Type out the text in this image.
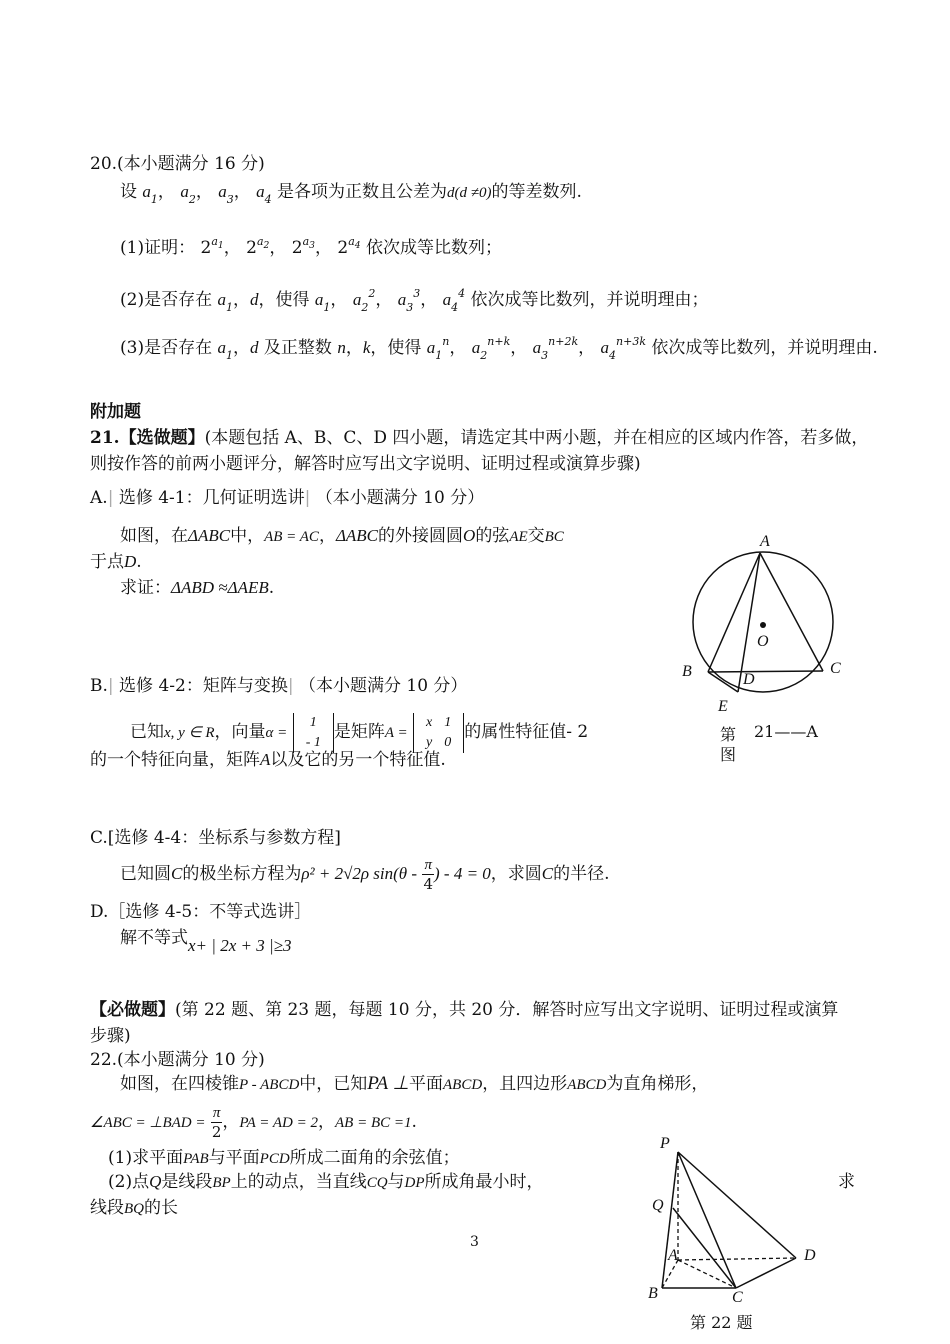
20.(本小题满分 16 分)
设 $a_1$， $a_2$， $a_3$， $a_4$ 是各项为正数且公差为d(d ≠0)的等差数列.
(1)证明： $2^{a_1}$， $2^{a_2}$， $2^{a_3}$， $2^{a_4}$ 依次成等比数列；
(2)是否存在 $a_1$，d，使得 $a_1$， $a_2^2$， $a_3^3$， $a_4^4$ 依次成等比数列，并说明理由；
(3)是否存在 $a_1$，d 及正整数 n，k，使得 $a_1^n$， $a_2^{n+k}$， $a_3^{n+2k}$， $a_4^{n+3k}$ 依次成等比数列，并说明理由.
附加题
21.【选做题】(本题包括 A、B、C、D 四小题，请选定其中两小题，并在相应的区域内作答，若多做，
则按作答的前两小题评分，解答时应写出文字说明、证明过程或演算步骤)
A.| 选修 4-1：几何证明选讲| （本小题满分 10 分）
如图，在ΔABC中，AB = AC，ΔABC的外接圆圆O的弦AE交BC
于点D.
求证：ΔABD ≈ΔAEB.
A
O
B	C
D
E
第 21——A
图
B.| 选修 4-2：矩阵与变换| （本小题满分 10 分）
已知x, y ∈ R，向量α =
1
- 1 是矩阵A =
x	1
y	0 的属性特征值- 2
的一个特征向量，矩阵A以及它的另一个特征值.
C.[选修 4-4：坐标系与参数方程]
已知圆C的极坐标方程为ρ² + 2√2ρ $\sin(\theta - \frac{\pi}{4}$ ) - 4 = 0，求圆C的半径.
D.［选修 4-5：不等式选讲］
解不等式x+ | 2x + 3 |≥3
【必做题】(第 22 题、第 23 题，每题 10 分，共 20 分．解答时应写出文字说明、证明过程或演算
步骤)
22.(本小题满分 10 分)
如图，在四棱锥P - ABCD中，已知PA ⊥平面ABCD，且四边形ABCD为直角梯形，
∠ABC = ⊥BAD = $\frac{\pi}{2}$ ，PA = AD = 2，AB = BC =1.
(1)求平面PAB与平面PCD所成二面角的余弦值；
(2)点Q是线段BP上的动点，当直线CQ与DP所成角最小时，	求
线段BQ的长
P
Q
A
B	C
D
第 22 题
3
